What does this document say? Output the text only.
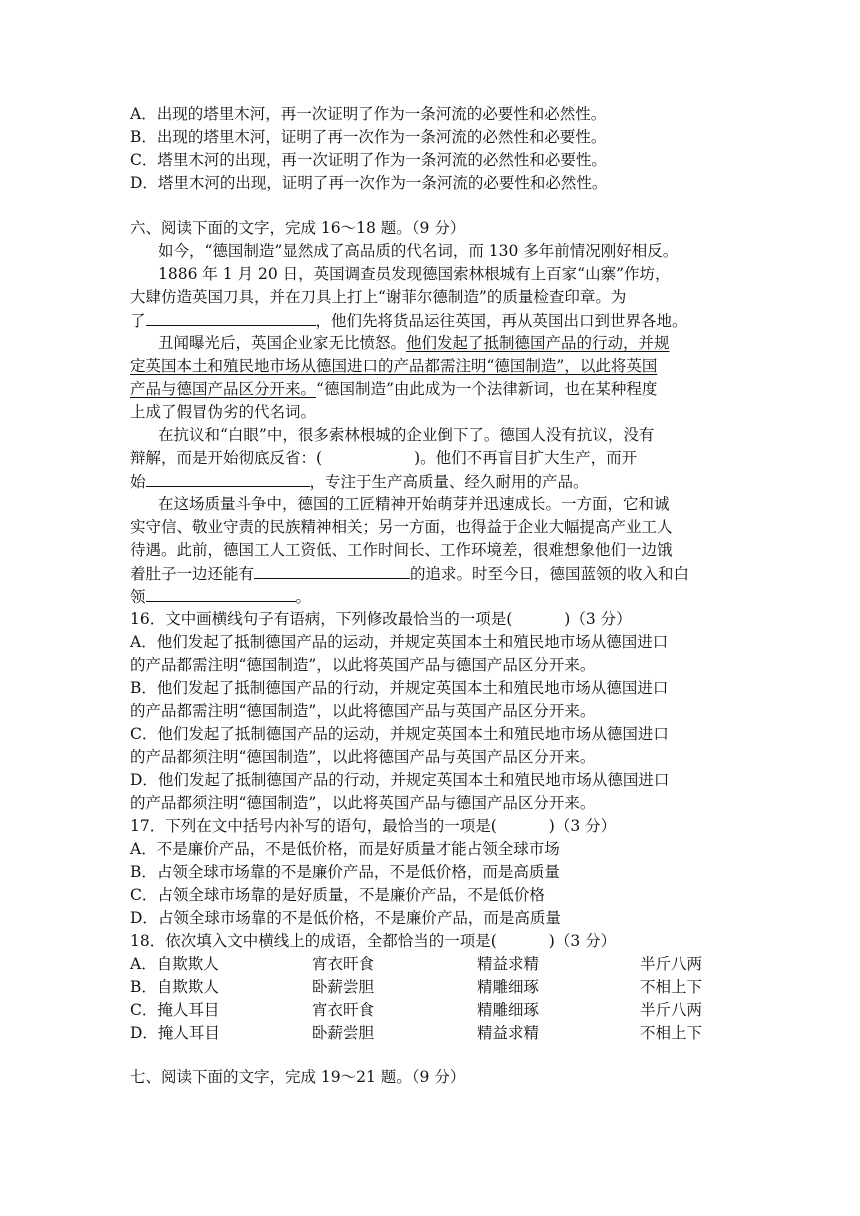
A．出现的塔里木河，再一次证明了作为一条河流的必要性和必然性。
B．出现的塔里木河，证明了再一次作为一条河流的必然性和必要性。
C．塔里木河的出现，再一次证明了作为一条河流的必然性和必要性。
D．塔里木河的出现，证明了再一次作为一条河流的必要性和必然性。
六、阅读下面的文字，完成 16～18 题。（9 分）
如今，“德国制造”显然成了高品质的代名词，而 130 多年前情况刚好相反。
1886 年 1 月 20 日，英国调查员发现德国索林根城有上百家“山寨”作坊，
大肆仿造英国刀具，并在刀具上打上“谢菲尔德制造”的质量检查印章。为
了	，他们先将货品运往英国，再从英国出口到世界各地。
丑闻曝光后，英国企业家无比愤怒。他们发起了抵制德国产品的行动，并规
定英国本土和殖民地市场从德国进口的产品都需注明“德国制造”，以此将英国
产品与德国产品区分开来。“德国制造”由此成为一个法律新词，也在某种程度
上成了假冒伪劣的代名词。
在抗议和“白眼”中，很多索林根城的企业倒下了。德国人没有抗议，没有
辩解，而是开始彻底反省：(	)。他们不再盲目扩大生产，而开
始	，专注于生产高质量、经久耐用的产品。
在这场质量斗争中，德国的工匠精神开始萌芽并迅速成长。一方面，它和诚
实守信、敬业守责的民族精神相关；另一方面，也得益于企业大幅提高产业工人
待遇。此前，德国工人工资低、工作时间长、工作环境差，很难想象他们一边饿
着肚子一边还能有	的追求。时至今日，德国蓝领的收入和白
领	。
16．文中画横线句子有语病，下列修改最恰当的一项是(	)（3 分）
A．他们发起了抵制德国产品的运动，并规定英国本土和殖民地市场从德国进口
的产品都需注明“德国制造”，以此将英国产品与德国产品区分开来。
B．他们发起了抵制德国产品的行动，并规定英国本土和殖民地市场从德国进口
的产品都需注明“德国制造”，以此将德国产品与英国产品区分开来。
C．他们发起了抵制德国产品的运动，并规定英国本土和殖民地市场从德国进口
的产品都须注明“德国制造”，以此将德国产品与英国产品区分开来。
D．他们发起了抵制德国产品的行动，并规定英国本土和殖民地市场从德国进口
的产品都须注明“德国制造”，以此将英国产品与德国产品区分开来。
17．下列在文中括号内补写的语句，最恰当的一项是(	)（3 分）
A．不是廉价产品，不是低价格，而是好质量才能占领全球市场
B．占领全球市场靠的不是廉价产品，不是低价格，而是高质量
C．占领全球市场靠的是好质量，不是廉价产品，不是低价格
D．占领全球市场靠的不是低价格，不是廉价产品，而是高质量
18．依次填入文中横线上的成语，全都恰当的一项是(	)（3 分）
A．自欺欺人	宵衣旰食	精益求精	半斤八两
B．自欺欺人	卧薪尝胆	精雕细琢	不相上下
C．掩人耳目	宵衣旰食	精雕细琢	半斤八两
D．掩人耳目	卧薪尝胆	精益求精	不相上下
七、阅读下面的文字，完成 19～21 题。（9 分）
